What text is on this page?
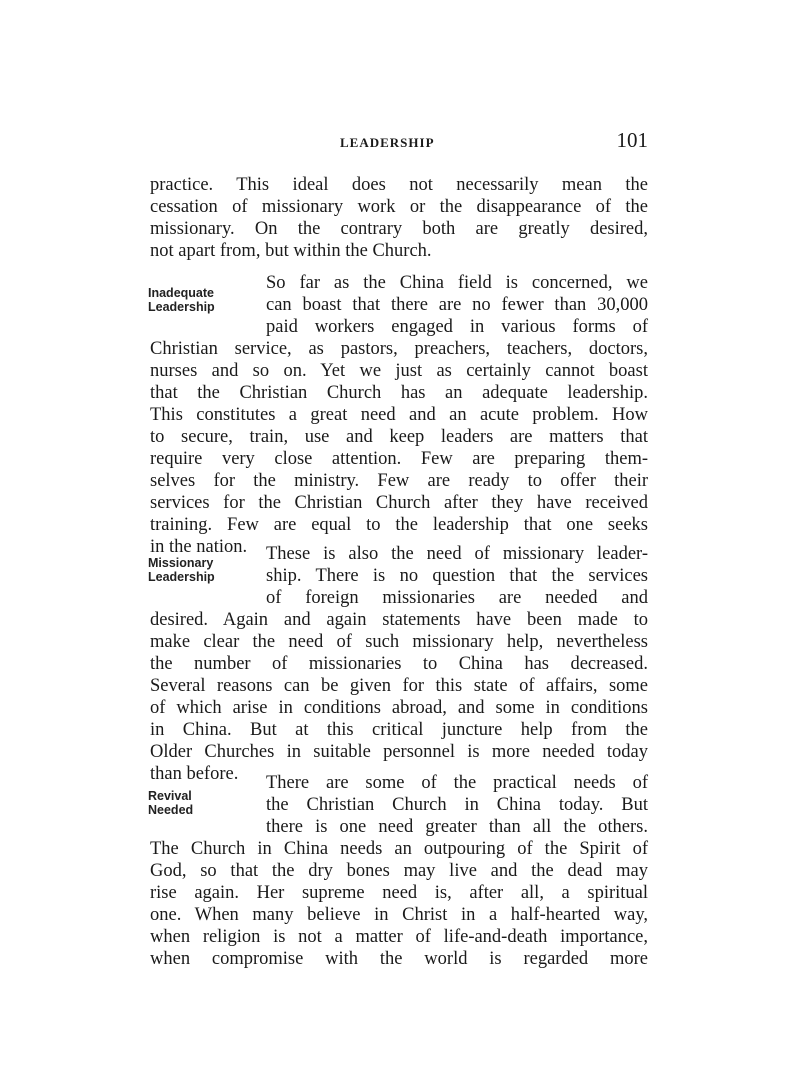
LEADERSHIP	101
practice. This ideal does not necessarily mean the
cessation of missionary work or the disappearance of the
missionary. On the contrary both are greatly desired,
not apart from, but within the Church.
Inadequate
Leadership
So far as the China field is concerned, we
can boast that there are no fewer than 30,000
paid workers engaged in various forms of
Christian service, as pastors, preachers, teachers, doctors,
nurses and so on. Yet we just as certainly cannot boast
that the Christian Church has an adequate leadership.
This constitutes a great need and an acute problem. How
to secure, train, use and keep leaders are matters that
require very close attention. Few are preparing them-
selves for the ministry. Few are ready to offer their
services for the Christian Church after they have received
training. Few are equal to the leadership that one seeks
in the nation.
Missionary
Leadership
These is also the need of missionary leader-
ship. There is no question that the services
of foreign missionaries are needed and
desired. Again and again statements have been made to
make clear the need of such missionary help, nevertheless
the number of missionaries to China has decreased.
Several reasons can be given for this state of affairs, some
of which arise in conditions abroad, and some in conditions
in China. But at this critical juncture help from the
Older Churches in suitable personnel is more needed today
than before.
Revival
Needed
There are some of the practical needs of
the Christian Church in China today. But
there is one need greater than all the others.
The Church in China needs an outpouring of the Spirit of
God, so that the dry bones may live and the dead may
rise again. Her supreme need is, after all, a spiritual
one. When many believe in Christ in a half-hearted way,
when religion is not a matter of life-and-death importance,
when compromise with the world is regarded more
